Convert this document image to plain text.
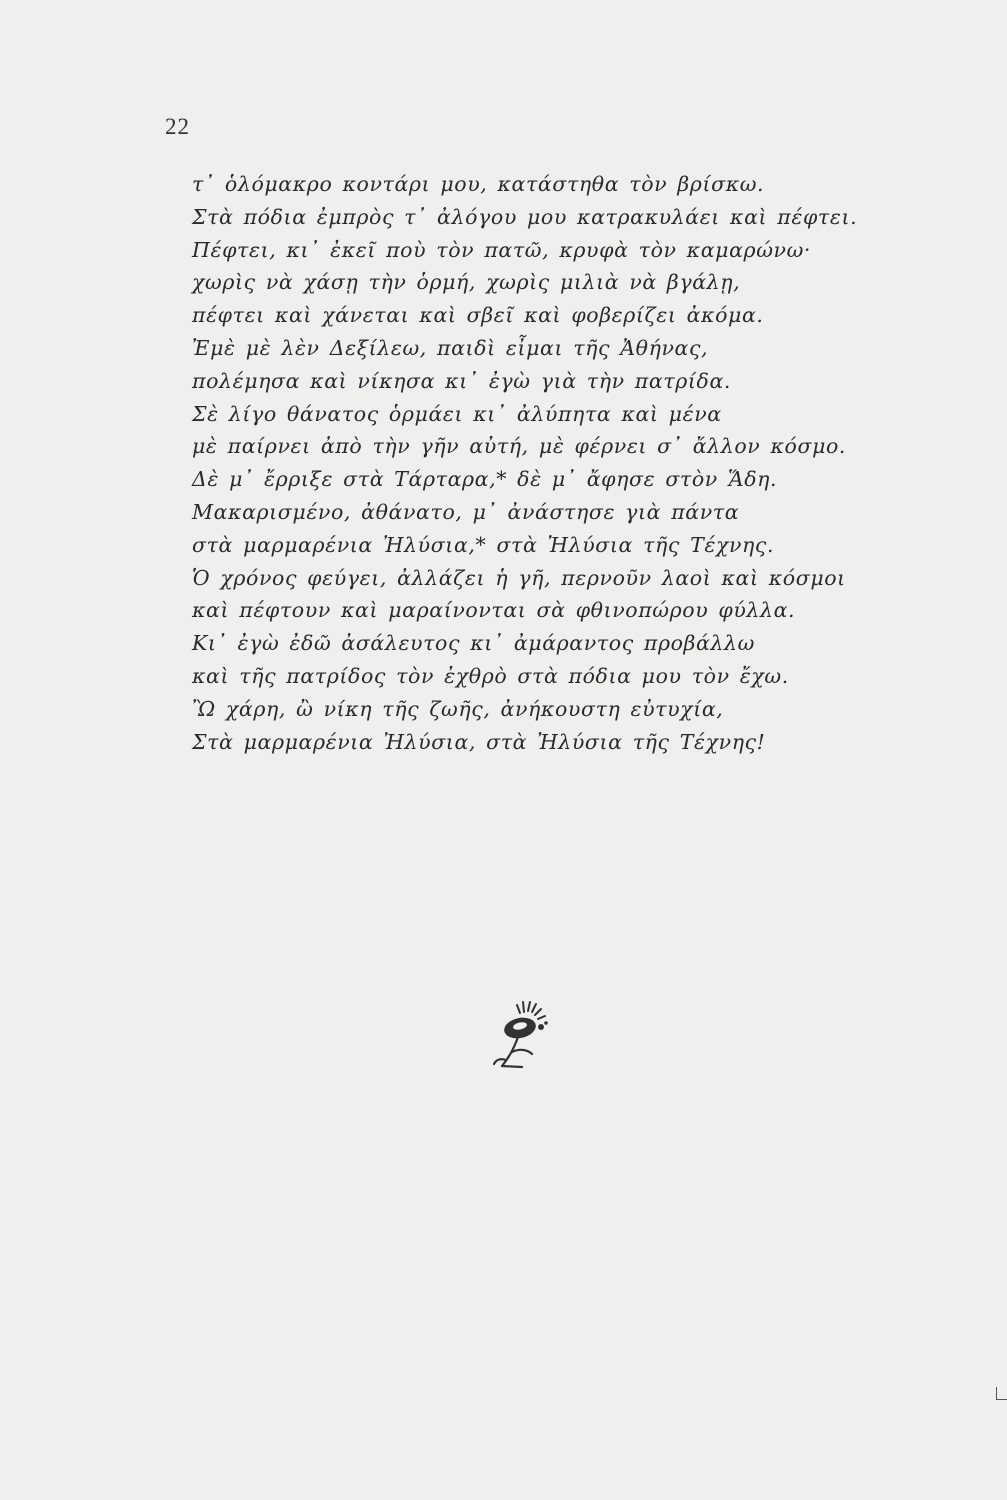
22
τ᾽ ὁλόμακρο κοντάρι μου, κατάστηθα τὸν βρίσκω.
Στὰ πόδια ἐμπρὸς τ᾽ ἀλόγου μου κατρακυλάει καὶ πέφτει.
Πέφτει, κι᾽ ἐκεῖ ποὺ τὸν πατῶ, κρυφὰ τὸν καμαρώνω·
χωρὶς νὰ χάσῃ τὴν ὁρμή, χωρὶς μιλιὰ νὰ βγάλῃ,
πέφτει καὶ χάνεται καὶ σβεῖ καὶ φοβερίζει ἀκόμα.
Ἐμὲ μὲ λὲν Δεξίλεω, παιδὶ εἶμαι τῆς Ἀθήνας,
πολέμησα καὶ νίκησα κι᾽ ἐγὼ γιὰ τὴν πατρίδα.
Σὲ λίγο θάνατος ὁρμάει κι᾽ ἀλύπητα καὶ μένα
μὲ παίρνει ἀπὸ τὴν γῆν αὐτή, μὲ φέρνει σ᾽ ἄλλον κόσμο.
Δὲ μ᾽ ἔρριξε στὰ Τάρταρα,* δὲ μ᾽ ἄφησε στὸν Ἅδη.
Μακαρισμένο, ἀθάνατο, μ᾽ ἀνάστησε γιὰ πάντα
στὰ μαρμαρένια Ἠλύσια,* στὰ Ἠλύσια τῆς Τέχνης.
Ὁ χρόνος φεύγει, ἀλλάζει ἡ γῆ, περνοῦν λαοὶ καὶ κόσμοι
καὶ πέφτουν καὶ μαραίνονται σὰ φθινοπώρου φύλλα.
Κι᾽ ἐγὼ ἐδῶ ἀσάλευτος κι᾽ ἀμάραντος προβάλλω
καὶ τῆς πατρίδος τὸν ἐχθρὸ στὰ πόδια μου τὸν ἔχω.
Ὢ χάρη, ὢ νίκη τῆς ζωῆς, ἀνήκουστη εὐτυχία,
Στὰ μαρμαρένια Ἠλύσια, στὰ Ἠλύσια τῆς Τέχνης!
